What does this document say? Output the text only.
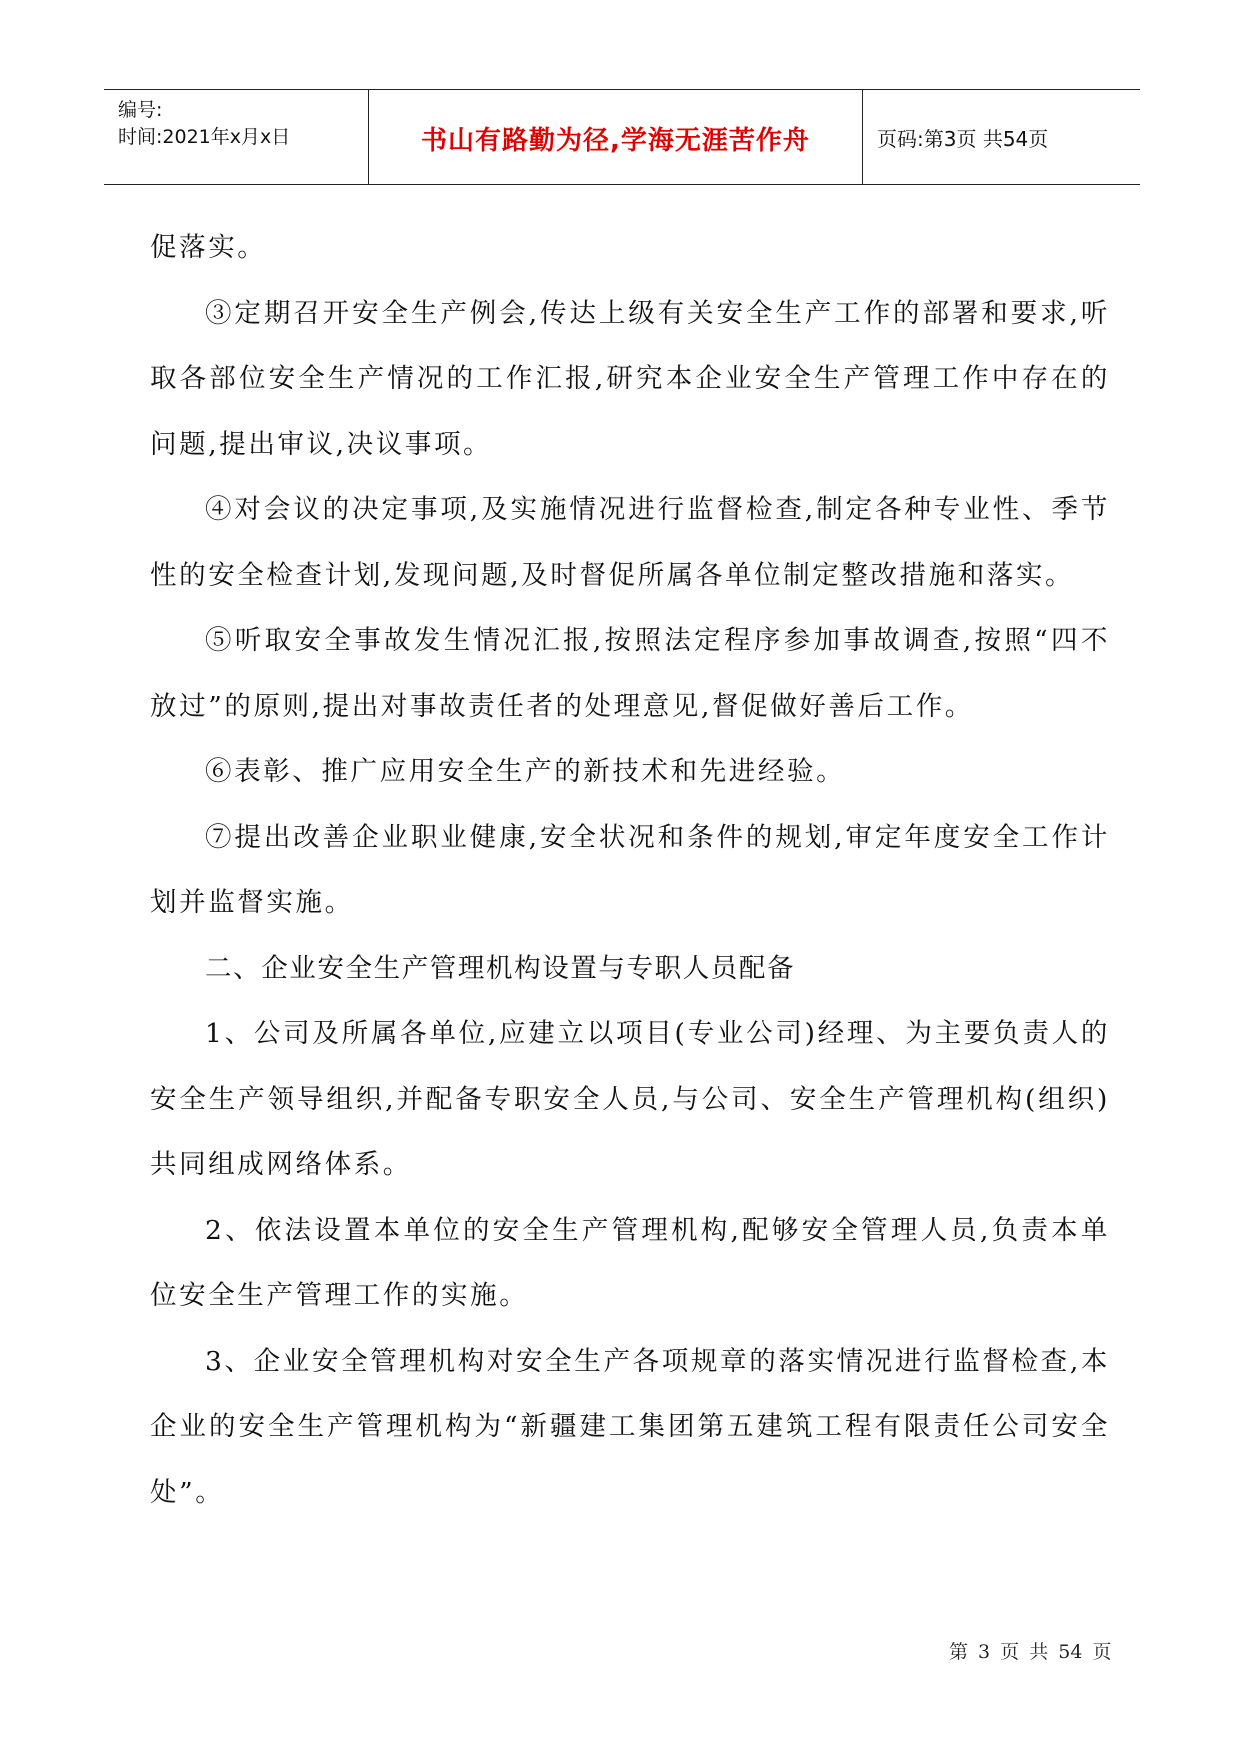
编号:
时间:2021年x月x日	书山有路勤为径,学海无涯苦作舟	页码:第3页 共54页

促落实。

③定期召开安全生产例会,传达上级有关安全生产工作的部署和要求,听取各部位安全生产情况的工作汇报,研究本企业安全生产管理工作中存在的问题,提出审议,决议事项。

④对会议的决定事项,及实施情况进行监督检查,制定各种专业性、季节性的安全检查计划,发现问题,及时督促所属各单位制定整改措施和落实。

⑤听取安全事故发生情况汇报,按照法定程序参加事故调查,按照“四不放过”的原则,提出对事故责任者的处理意见,督促做好善后工作。

⑥表彰、推广应用安全生产的新技术和先进经验。

⑦提出改善企业职业健康,安全状况和条件的规划,审定年度安全工作计划并监督实施。

二、企业安全生产管理机构设置与专职人员配备

1、公司及所属各单位,应建立以项目(专业公司)经理、为主要负责人的安全生产领导组织,并配备专职安全人员,与公司、安全生产管理机构(组织)共同组成网络体系。

2、依法设置本单位的安全生产管理机构,配够安全管理人员,负责本单位安全生产管理工作的实施。

3、企业安全管理机构对安全生产各项规章的落实情况进行监督检查,本企业的安全生产管理机构为“新疆建工集团第五建筑工程有限责任公司安全处”。

第 3 页 共 54 页
